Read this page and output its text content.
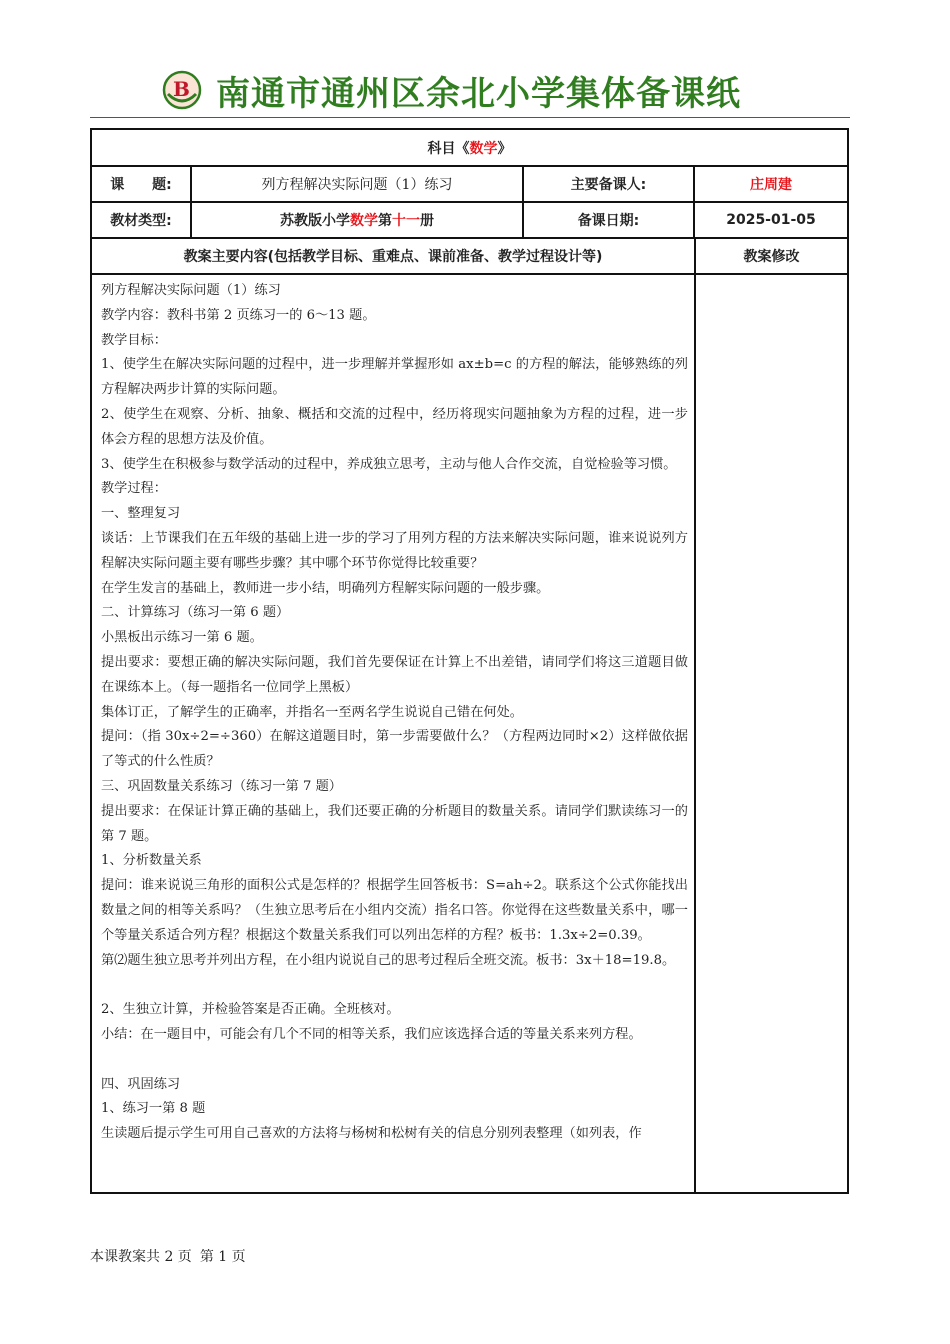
B 南通市通州区余北小学集体备课纸
科目《 数学 》
课　　题:	列方程解决实际问题（1）练习	主要备课人:	庄周建
教材类型:	苏教版小学 数学 第 十一 册	备课日期:	2025-01-05
教案主要内容(包括教学目标、重难点、课前准备、教学过程设计等)	教案修改

列方程解决实际问题（1）练习

教学内容：教科书第 2 页练习一的 6～13 题。

教学目标：

1、使学生在解决实际问题的过程中，进一步理解并掌握形如 ax±b=c 的方程的解法，能够熟练的列方程解决两步计算的实际问题。

2、使学生在观察、分析、抽象、概括和交流的过程中，经历将现实问题抽象为方程的过程，进一步体会方程的思想方法及价值。

3、使学生在积极参与数学活动的过程中，养成独立思考，主动与他人合作交流，自觉检验等习惯。

教学过程：

一、整理复习

谈话：上节课我们在五年级的基础上进一步的学习了用列方程的方法来解决实际问题，谁来说说列方程解决实际问题主要有哪些步骤？其中哪个环节你觉得比较重要？

在学生发言的基础上，教师进一步小结，明确列方程解实际问题的一般步骤。

二、计算练习（练习一第 6 题）

小黑板出示练习一第 6 题。

提出要求：要想正确的解决实际问题，我们首先要保证在计算上不出差错，请同学们将这三道题目做在课练本上。（每一题指名一位同学上黑板）

集体订正，了解学生的正确率，并指名一至两名学生说说自己错在何处。

提问：（指 30x÷2=÷360）在解这道题目时，第一步需要做什么？（方程两边同时×2）这样做依据了等式的什么性质？

三、巩固数量关系练习（练习一第 7 题）

提出要求：在保证计算正确的基础上，我们还要正确的分析题目的数量关系。请同学们默读练习一的第 7 题。

1、分析数量关系

提问：谁来说说三角形的面积公式是怎样的？根据学生回答板书：S=ah÷2。联系这个公式你能找出数量之间的相等关系吗？（生独立思考后在小组内交流）指名口答。你觉得在这些数量关系中，哪一个等量关系适合列方程？根据这个数量关系我们可以列出怎样的方程？板书：1.3x÷2=0.39。

第⑵题生独立思考并列出方程，在小组内说说自己的思考过程后全班交流。板书：3x＋18=19.8。

2、生独立计算，并检验答案是否正确。全班核对。

小结：在一题目中，可能会有几个不同的相等关系，我们应该选择合适的等量关系来列方程。

四、巩固练习

1、练习一第 8 题

生读题后提示学生可用自己喜欢的方法将与杨树和松树有关的信息分别列表整理（如列表，作

本课教案共 2 页 第 1 页
